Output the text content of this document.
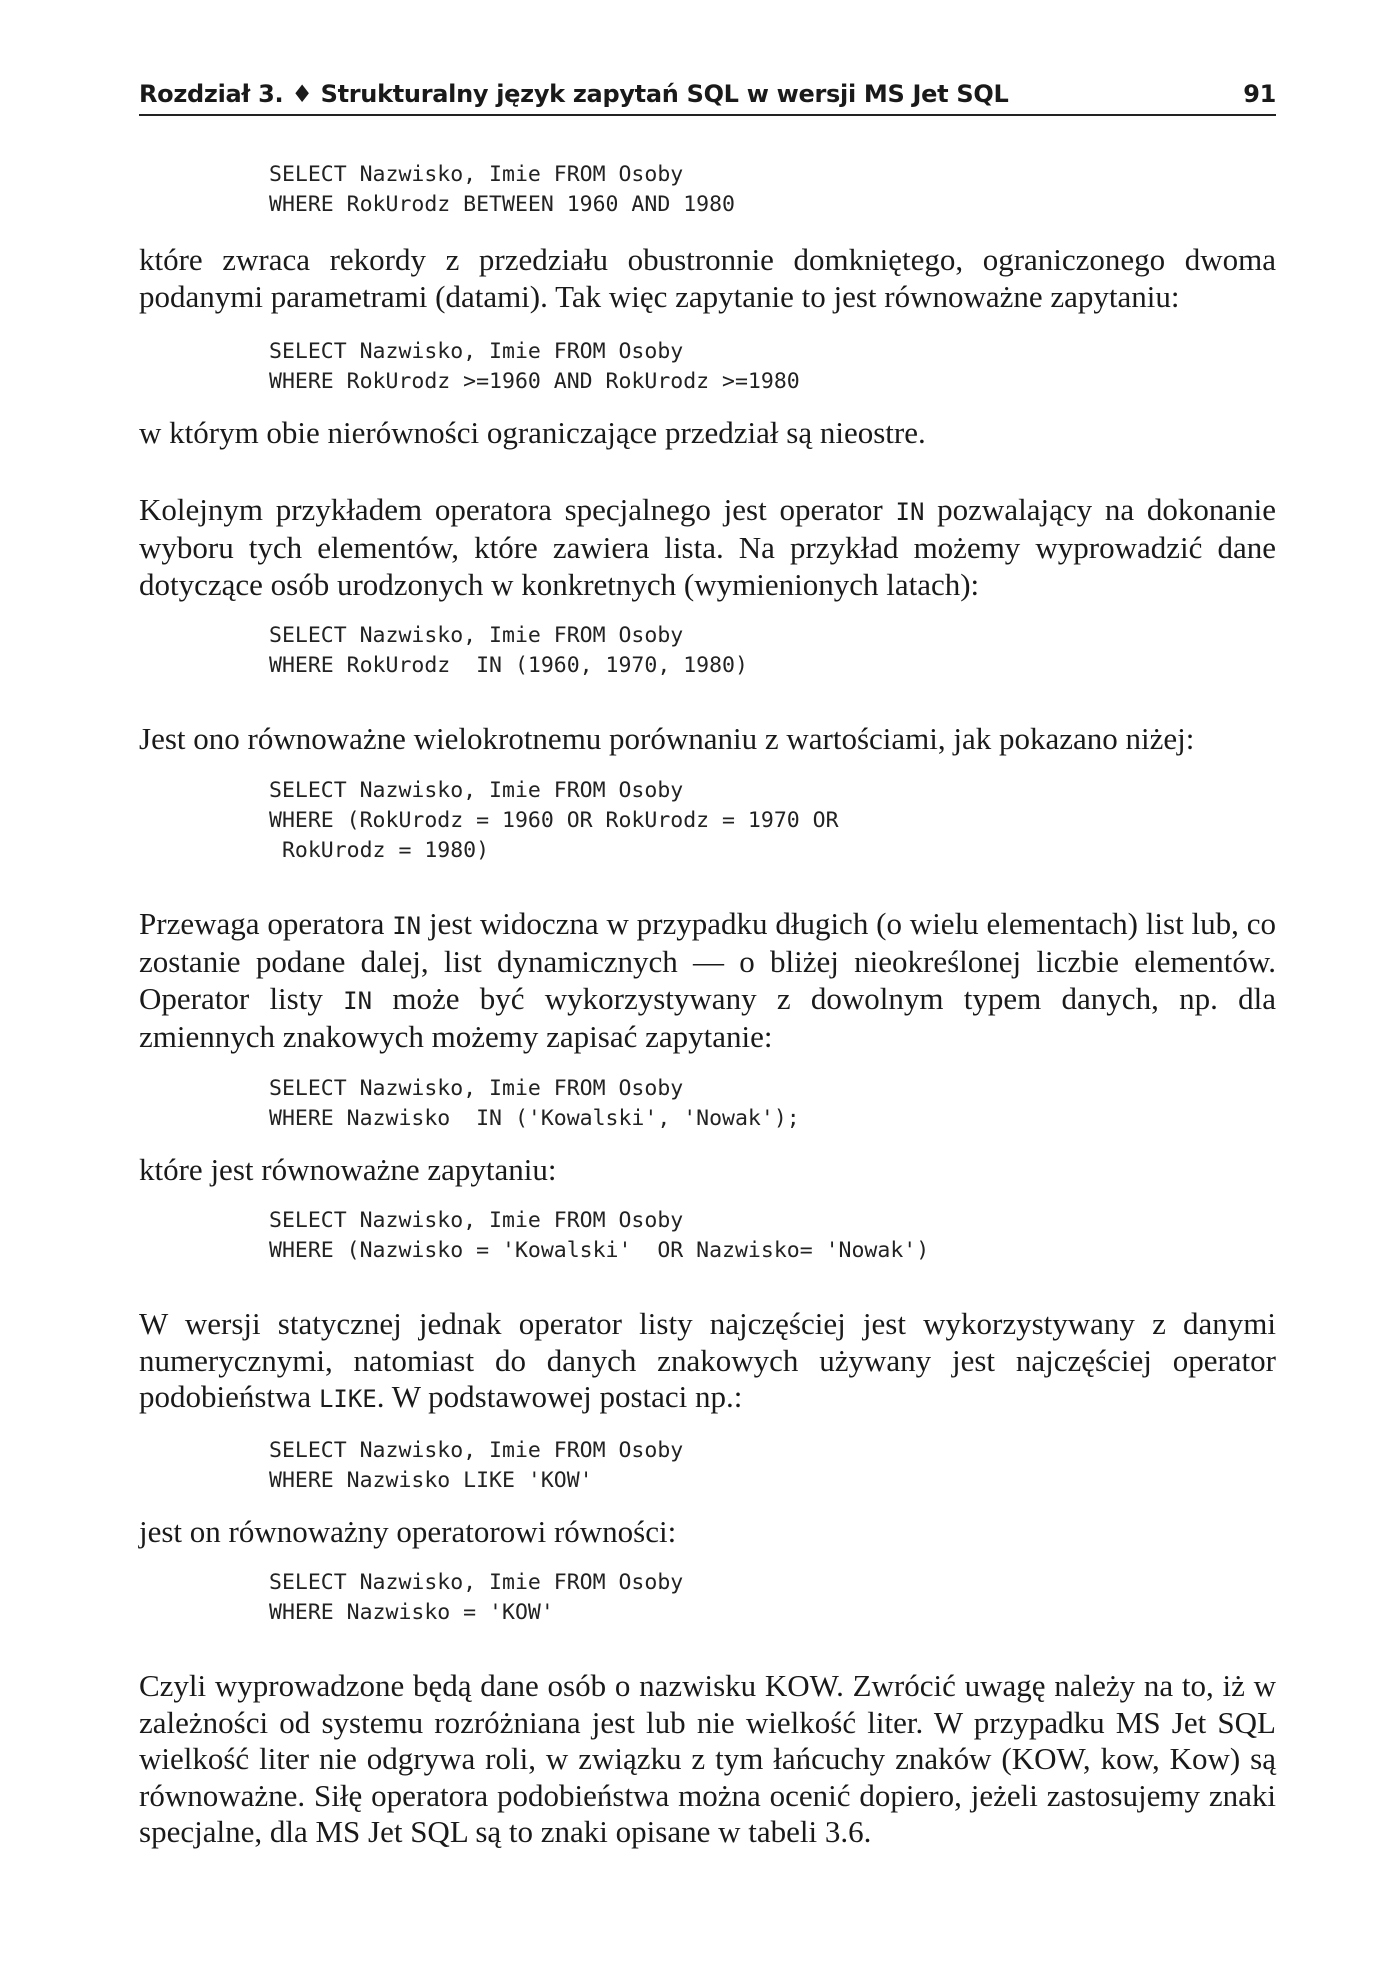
Rozdział 3. ♦ Strukturalny język zapytań SQL w wersji MS Jet SQL	91
SELECT Nazwisko, Imie FROM Osoby
WHERE RokUrodz BETWEEN 1960 AND 1980

które zwraca rekordy z przedziału obustronnie domkniętego, ograniczonego dwoma podanymi parametrami (datami). Tak więc zapytanie to jest równoważne zapytaniu:

SELECT Nazwisko, Imie FROM Osoby
WHERE RokUrodz >=1960 AND RokUrodz >=1980

w którym obie nierówności ograniczające przedział są nieostre.

Kolejnym przykładem operatora specjalnego jest operator IN pozwalający na dokonanie wyboru tych elementów, które zawiera lista. Na przykład możemy wyprowadzić dane dotyczące osób urodzonych w konkretnych (wymienionych latach):

SELECT Nazwisko, Imie FROM Osoby
WHERE RokUrodz  IN (1960, 1970, 1980)

Jest ono równoważne wielokrotnemu porównaniu z wartościami, jak pokazano niżej:

SELECT Nazwisko, Imie FROM Osoby
WHERE (RokUrodz = 1960 OR RokUrodz = 1970 OR
RokUrodz = 1980)

Przewaga operatora IN jest widoczna w przypadku długich (o wielu elementach) list lub, co zostanie podane dalej, list dynamicznych — o bliżej nieokreślonej liczbie elementów. Operator listy IN może być wykorzystywany z dowolnym typem danych, np. dla zmiennych znakowych możemy zapisać zapytanie:

SELECT Nazwisko, Imie FROM Osoby
WHERE Nazwisko  IN ('Kowalski', 'Nowak');

które jest równoważne zapytaniu:

SELECT Nazwisko, Imie FROM Osoby
WHERE (Nazwisko = 'Kowalski'  OR Nazwisko= 'Nowak')

W wersji statycznej jednak operator listy najczęściej jest wykorzystywany z danymi numerycznymi, natomiast do danych znakowych używany jest najczęściej operator podobieństwa LIKE. W podstawowej postaci np.:

SELECT Nazwisko, Imie FROM Osoby
WHERE Nazwisko LIKE 'KOW'

jest on równoważny operatorowi równości:

SELECT Nazwisko, Imie FROM Osoby
WHERE Nazwisko = 'KOW'

Czyli wyprowadzone będą dane osób o nazwisku KOW. Zwrócić uwagę należy na to, iż w zależności od systemu rozróżniana jest lub nie wielkość liter. W przypadku MS Jet SQL wielkość liter nie odgrywa roli, w związku z tym łańcuchy znaków (KOW, kow, Kow) są równoważne. Siłę operatora podobieństwa można ocenić dopiero, jeżeli zastosujemy znaki specjalne, dla MS Jet SQL są to znaki opisane w tabeli 3.6.
